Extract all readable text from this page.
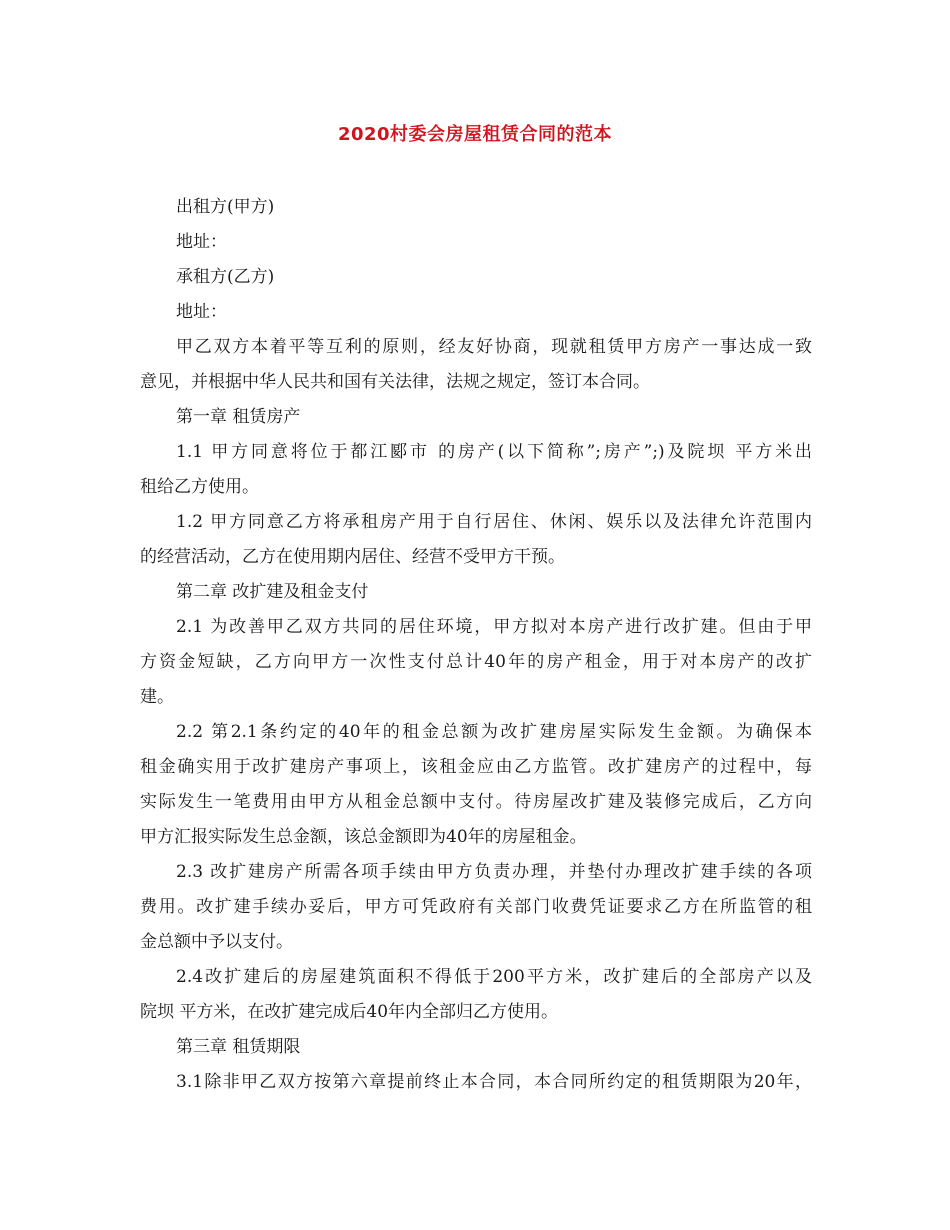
2020村委会房屋租赁合同的范本

出租方(甲方)

地址：

承租方(乙方)

地址：

甲乙双方本着平等互利的原则，经友好协商，现就租赁甲方房产一事达成一致

意见，并根据中华人民共和国有关法律，法规之规定，签订本合同。

第一章 租赁房产

1.1 甲方同意将位于都江郾市 的房产(以下简称”;房产”;)及院坝 平方米出

租给乙方使用。

1.2 甲方同意乙方将承租房产用于自行居住、休闲、娱乐以及法律允许范围内

的经营活动，乙方在使用期内居住、经营不受甲方干预。

第二章 改扩建及租金支付

2.1 为改善甲乙双方共同的居住环境，甲方拟对本房产进行改扩建。但由于甲

方资金短缺，乙方向甲方一次性支付总计40年的房产租金，用于对本房产的改扩

建。

2.2 第2.1条约定的40年的租金总额为改扩建房屋实际发生金额。为确保本

租金确实用于改扩建房产事项上，该租金应由乙方监管。改扩建房产的过程中，每

实际发生一笔费用由甲方从租金总额中支付。待房屋改扩建及装修完成后，乙方向

甲方汇报实际发生总金额，该总金额即为40年的房屋租金。

2.3 改扩建房产所需各项手续由甲方负责办理，并垫付办理改扩建手续的各项

费用。改扩建手续办妥后，甲方可凭政府有关部门收费凭证要求乙方在所监管的租

金总额中予以支付。

2.4改扩建后的房屋建筑面积不得低于200平方米，改扩建后的全部房产以及

院坝 平方米，在改扩建完成后40年内全部归乙方使用。

第三章 租赁期限

3.1除非甲乙双方按第六章提前终止本合同，本合同所约定的租赁期限为20年，
